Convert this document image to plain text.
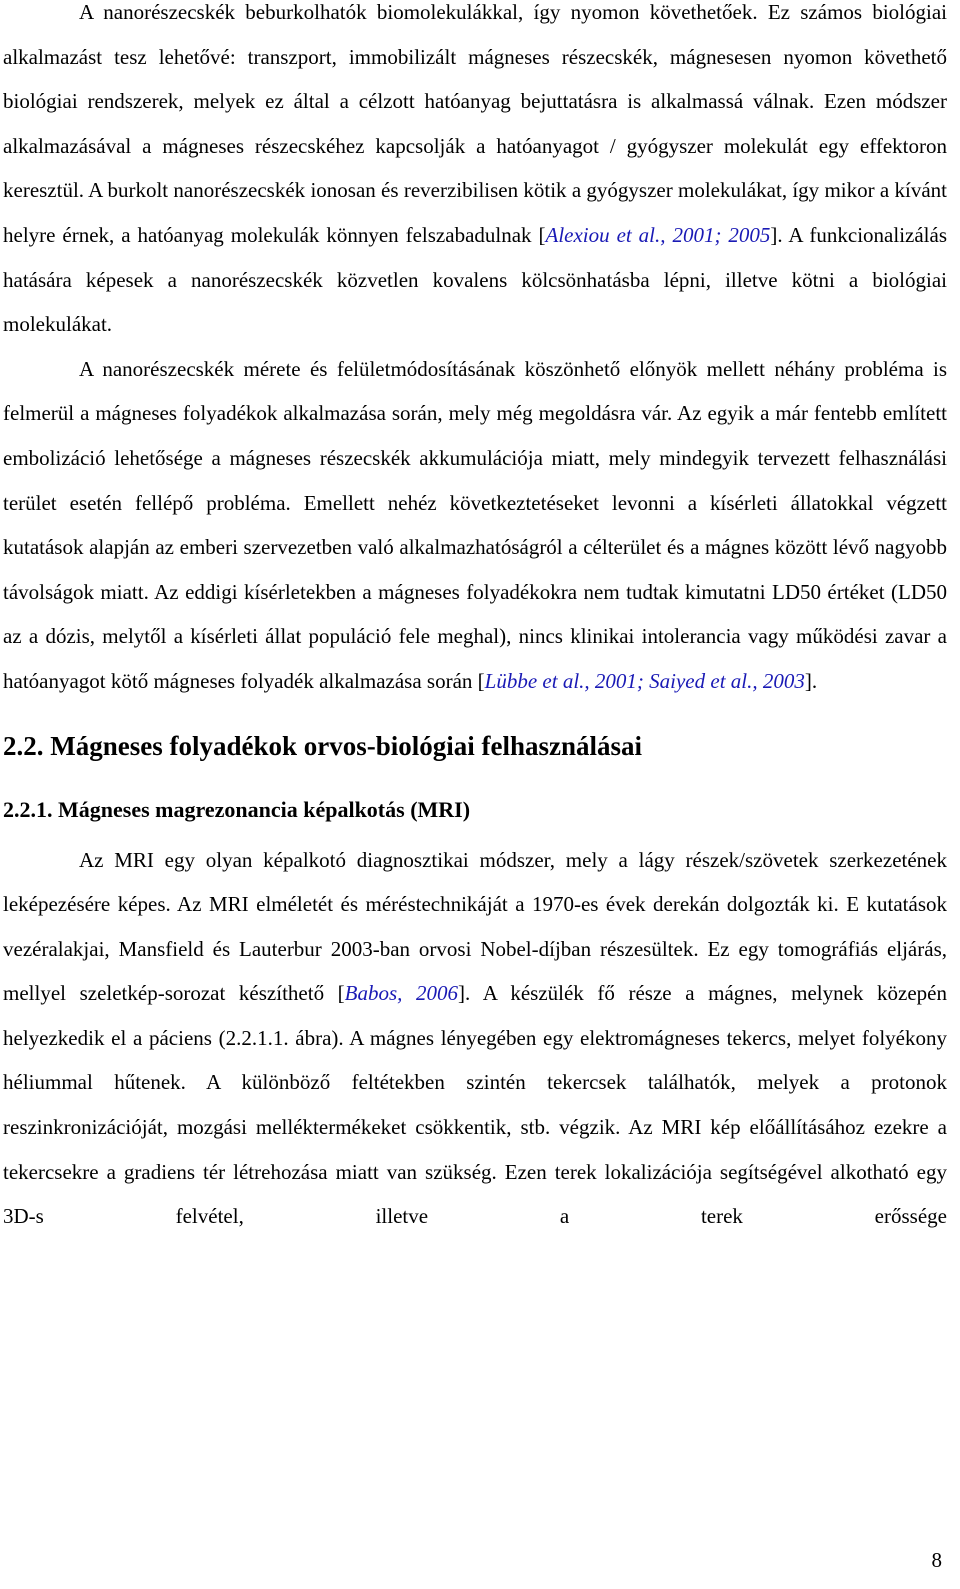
A nanorészecskék beburkolhatók biomolekulákkal, így nyomon követhetőek. Ez számos biológiai alkalmazást tesz lehetővé: transzport, immobilizált mágneses részecskék, mágnesesen nyomon követhető biológiai rendszerek, melyek ez által a célzott hatóanyag bejuttatásra is alkalmassá válnak. Ezen módszer alkalmazásával a mágneses részecskéhez kapcsolják a hatóanyagot / gyógyszer molekulát egy effektoron keresztül. A burkolt nanorészecskék ionosan és reverzibilisen kötik a gyógyszer molekulákat, így mikor a kívánt helyre érnek, a hatóanyag molekulák könnyen felszabadulnak [Alexiou et al., 2001; 2005]. A funkcionalizálás hatására képesek a nanorészecskék közvetlen kovalens kölcsönhatásba lépni, illetve kötni a biológiai molekulákat.

A nanorészecskék mérete és felületmódosításának köszönhető előnyök mellett néhány probléma is felmerül a mágneses folyadékok alkalmazása során, mely még megoldásra vár. Az egyik a már fentebb említett embolizáció lehetősége a mágneses részecskék akkumulációja miatt, mely mindegyik tervezett felhasználási terület esetén fellépő probléma. Emellett nehéz következtetéseket levonni a kísérleti állatokkal végzett kutatások alapján az emberi szervezetben való alkalmazhatóságról a célterület és a mágnes között lévő nagyobb távolságok miatt. Az eddigi kísérletekben a mágneses folyadékokra nem tudtak kimutatni LD50 értéket (LD50 az a dózis, melytől a kísérleti állat populáció fele meghal), nincs klinikai intolerancia vagy működési zavar a hatóanyagot kötő mágneses folyadék alkalmazása során [Lübbe et al., 2001; Saiyed et al., 2003].

2.2. Mágneses folyadékok orvos-biológiai felhasználásai
2.2.1. Mágneses magrezonancia képalkotás (MRI)

Az MRI egy olyan képalkotó diagnosztikai módszer, mely a lágy részek/szövetek szerkezetének leképezésére képes. Az MRI elméletét és méréstechnikáját a 1970-es évek derekán dolgozták ki. E kutatások vezéralakjai, Mansfield és Lauterbur 2003-ban orvosi Nobel-díjban részesültek. Ez egy tomográfiás eljárás, mellyel szeletkép-sorozat készíthető [Babos, 2006]. A készülék fő része a mágnes, melynek közepén helyezkedik el a páciens (2.2.1.1. ábra). A mágnes lényegében egy elektromágneses tekercs, melyet folyékony héliummal hűtenek. A különböző feltétekben szintén tekercsek találhatók, melyek a protonok reszinkronizációját, mozgási melléktermékeket csökkentik, stb. végzik. Az MRI kép előállításához ezekre a tekercsekre a gradiens tér létrehozása miatt van szükség. Ezen terek lokalizációja segítségével alkotható egy 3D-s felvétel, illetve a terek erőssége

8
